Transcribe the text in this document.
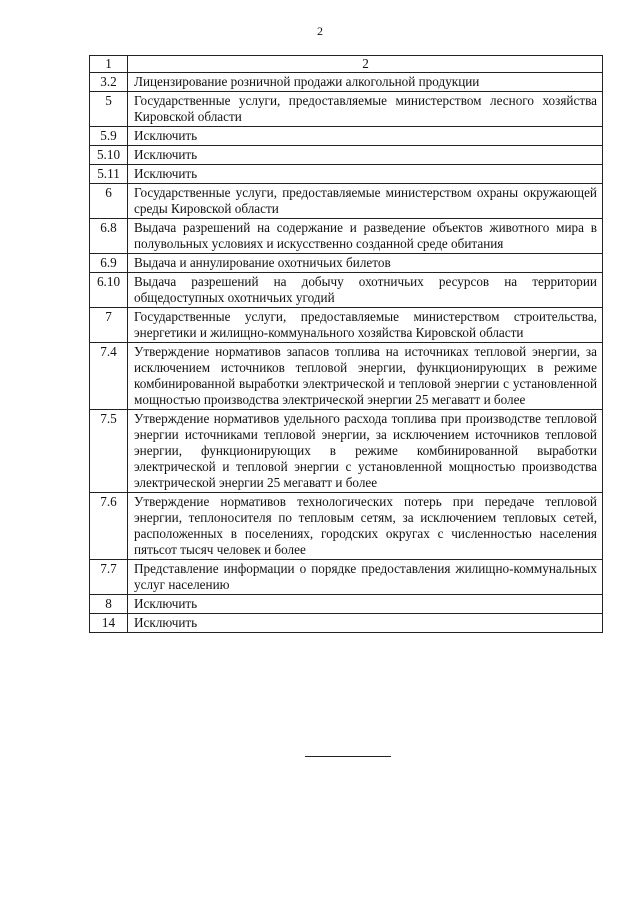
2
1	2
3.2	Лицензирование розничной продажи алкогольной продукции
5	Государственные услуги, предоставляемые министерством лесного хозяйства Кировской области
5.9	Исключить
5.10	Исключить
5.11	Исключить
6	Государственные услуги, предоставляемые министерством охраны окружающей среды Кировской области
6.8	Выдача разрешений на содержание и разведение объектов животного мира в полувольных условиях и искусственно созданной среде обитания
6.9	Выдача и аннулирование охотничьих билетов
6.10	Выдача разрешений на добычу охотничьих ресурсов на территории общедоступных охотничьих угодий
7	Государственные услуги, предоставляемые министерством строительства, энергетики и жилищно-коммунального хозяйства Кировской области
7.4	Утверждение нормативов запасов топлива на источниках тепловой энергии, за исключением источников тепловой энергии, функционирующих в режиме комбинированной выработки электрической и тепловой энергии с установленной мощностью производства электрической энергии 25 мегаватт и более
7.5	Утверждение нормативов удельного расхода топлива при производстве тепловой энергии источниками тепловой энергии, за исключением источников тепловой энергии, функционирующих в режиме комбинированной выработки электрической и тепловой энергии с установленной мощностью производства электрической энергии 25 мегаватт и более
7.6	Утверждение нормативов технологических потерь при передаче тепловой энергии, теплоносителя по тепловым сетям, за исключением тепловых сетей, расположенных в поселениях, городских округах с численностью населения пятьсот тысяч человек и более
7.7	Представление информации о порядке предоставления жилищно-коммунальных услуг населению
8	Исключить
14	Исключить
